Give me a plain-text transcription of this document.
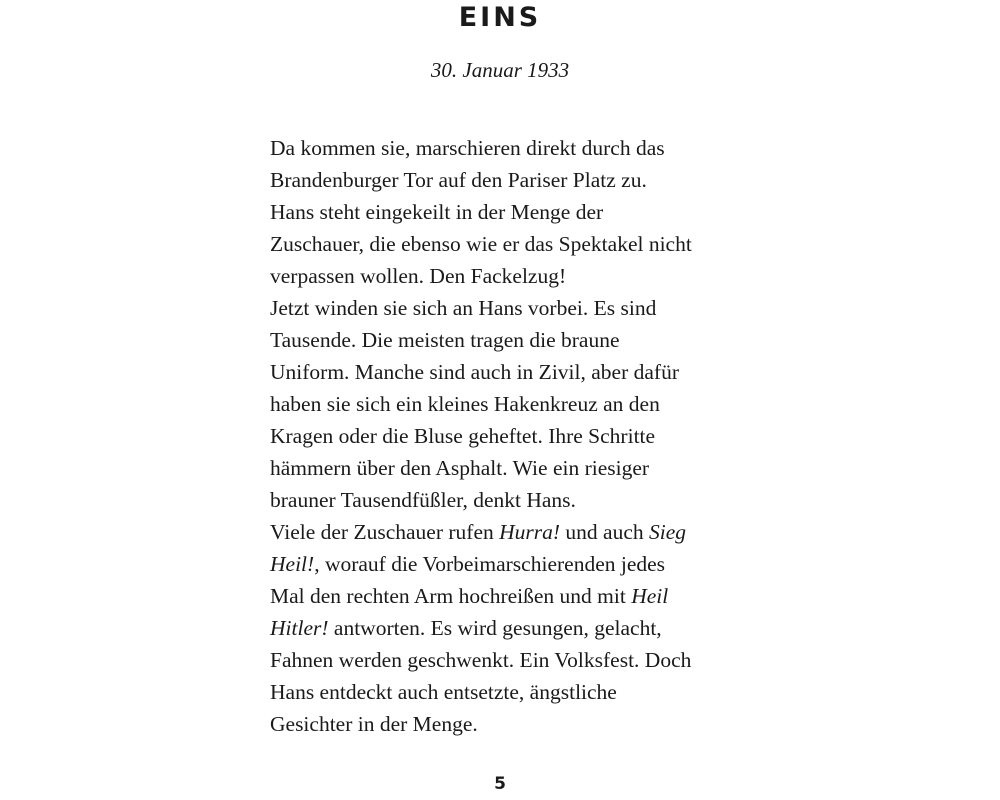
EINS
30. Januar 1933
Da kommen sie, marschieren direkt durch das
Brandenburger Tor auf den Pariser Platz zu.
Hans steht eingekeilt in der Menge der
Zuschauer, die ebenso wie er das Spektakel nicht
verpassen wollen. Den Fackelzug!
Jetzt winden sie sich an Hans vorbei. Es sind
Tausende. Die meisten tragen die braune
Uniform. Manche sind auch in Zivil, aber dafür
haben sie sich ein kleines Hakenkreuz an den
Kragen oder die Bluse geheftet. Ihre Schritte
hämmern über den Asphalt. Wie ein riesiger
brauner Tausendfüßler, denkt Hans.
Viele der Zuschauer rufen Hurra! und auch Sieg
Heil!, worauf die Vorbeimarschierenden jedes
Mal den rechten Arm hochreißen und mit Heil
Hitler! antworten. Es wird gesungen, gelacht,
Fahnen werden geschwenkt. Ein Volksfest. Doch
Hans entdeckt auch entsetzte, ängstliche
Gesichter in der Menge.
5
